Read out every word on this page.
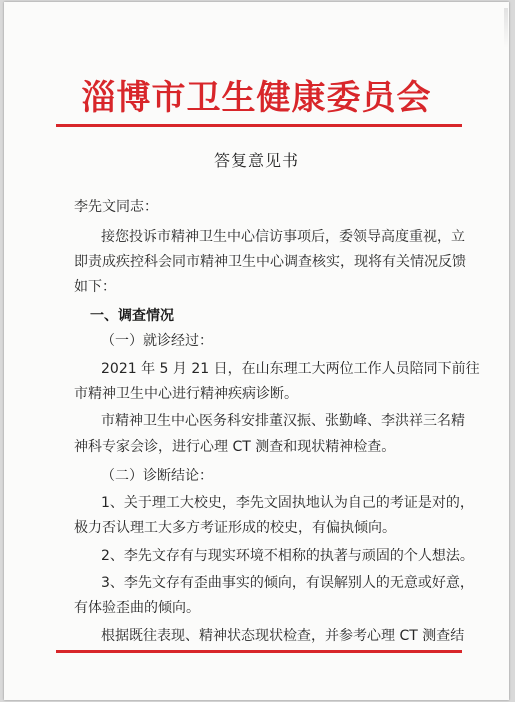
淄博市卫生健康委员会
答复意见书
李先文同志：
接您投诉市精神卫生中心信访事项后，委领导高度重视，立
即责成疾控科会同市精神卫生中心调查核实，现将有关情况反馈
如下：
一、调查情况
（一）就诊经过：
2021 年 5 月 21 日，在山东理工大两位工作人员陪同下前往
市精神卫生中心进行精神疾病诊断。
市精神卫生中心医务科安排董汉振、张勤峰、李洪祥三名精
神科专家会诊，进行心理 CT 测查和现状精神检查。
（二）诊断结论：
1、关于理工大校史，李先文固执地认为自己的考证是对的，
极力否认理工大多方考证形成的校史，有偏执倾向。
2、李先文存有与现实环境不相称的执著与顽固的个人想法。
3、李先文存有歪曲事实的倾向，有误解别人的无意或好意，
有体验歪曲的倾向。
根据既往表现、精神状态现状检查，并参考心理 CT 测查结
